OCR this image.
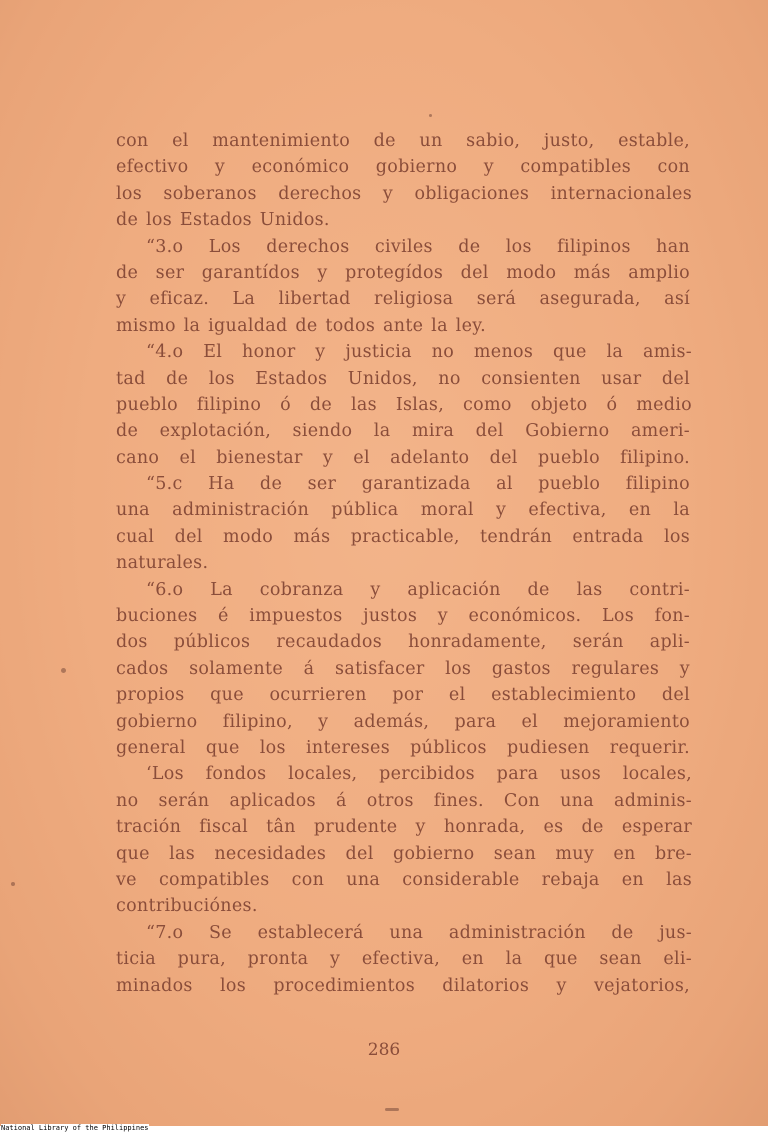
con el mantenimiento de un sabio, justo, estable,
efectivo y económico gobierno y compatibles con
los soberanos derechos y obligaciones internacionales
de los Estados Unidos.
“3.o Los derechos civiles de los filipinos han
de ser garantídos y protegídos del modo más amplio
y eficaz. La libertad religiosa será asegurada, así
mismo la igualdad de todos ante la ley.
“4.o El honor y justicia no menos que la amis-
tad de los Estados Unidos, no consienten usar del
pueblo filipino ó de las Islas, como objeto ó medio
de explotación, siendo la mira del Gobierno ameri-
cano el bienestar y el adelanto del pueblo filipino.
“5.c Ha de ser garantizada al pueblo filipino
una administración pública moral y efectiva, en la
cual del modo más practicable, tendrán entrada los
naturales.
“6.o La cobranza y aplicación de las contri-
buciones é impuestos justos y económicos. Los fon-
dos públicos recaudados honradamente, serán apli-
cados solamente á satisfacer los gastos regulares y
propios que ocurrieren por el establecimiento del
gobierno filipino, y además, para el mejoramiento
general que los intereses públicos pudiesen requerir.
‘Los fondos locales, percibidos para usos locales,
no serán aplicados á otros fines. Con una adminis-
tración fiscal tân prudente y honrada, es de esperar
que las necesidades del gobierno sean muy en bre-
ve compatibles con una considerable rebaja en las
contribuciónes.
“7.o Se establecerá una administración de jus-
ticia pura, pronta y efectiva, en la que sean eli-
minados los procedimientos dilatorios y vejatorios,
286
National Library of the Philippines
